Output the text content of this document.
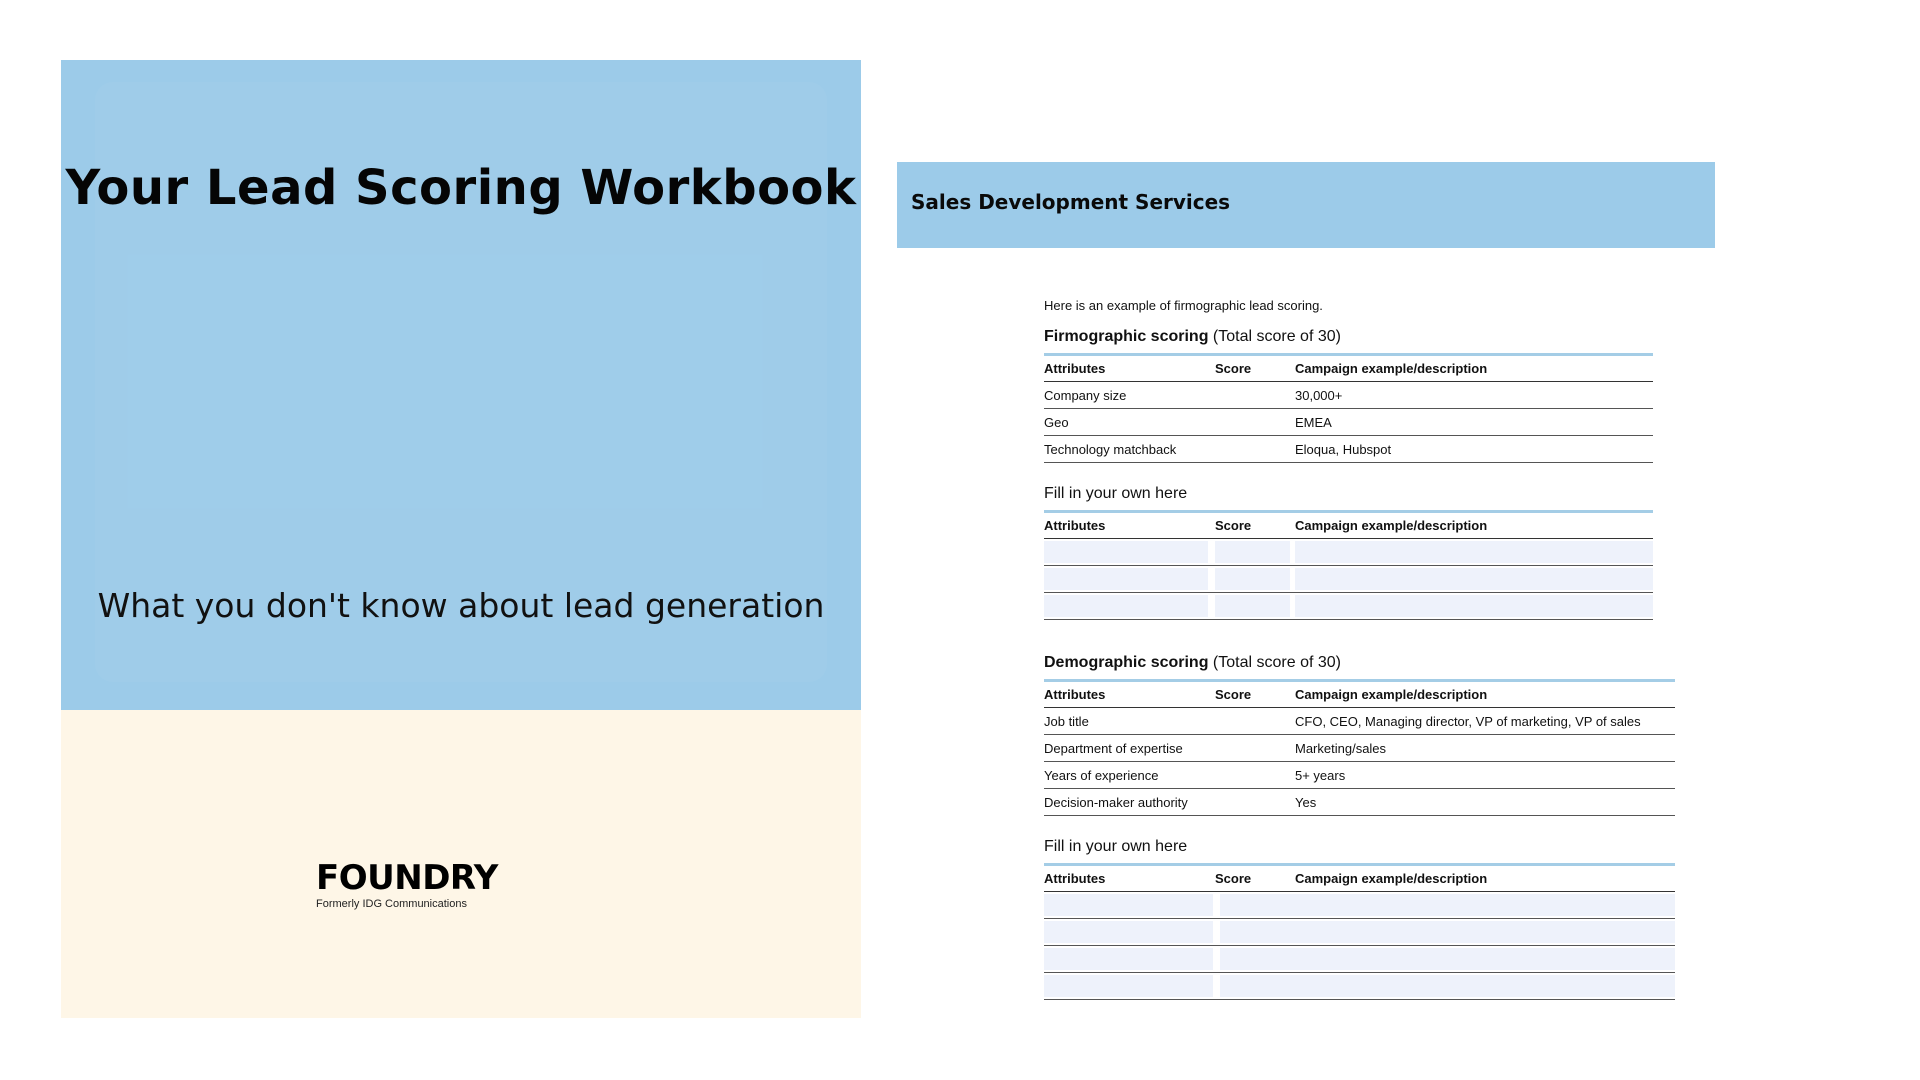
Your Lead Scoring Workbook

What you don't know about lead generation

FOUNDRY
Formerly IDG Communications
Sales Development Services
Here is an example of firmographic lead scoring.
Firmographic scoring (Total score of 30)
Attributes	Score	Campaign example/description
Company size		30,000+
Geo		EMEA
Technology matchback		Eloqua, Hubspot
Fill in your own here
Attributes	Score	Campaign example/description

Demographic scoring (Total score of 30)
Attributes	Score	Campaign example/description
Job title		CFO, CEO, Managing director, VP of marketing, VP of sales
Department of expertise		Marketing/sales
Years of experience		5+ years
Decision-maker authority		Yes
Fill in your own here
Attributes	Score	Campaign example/description
